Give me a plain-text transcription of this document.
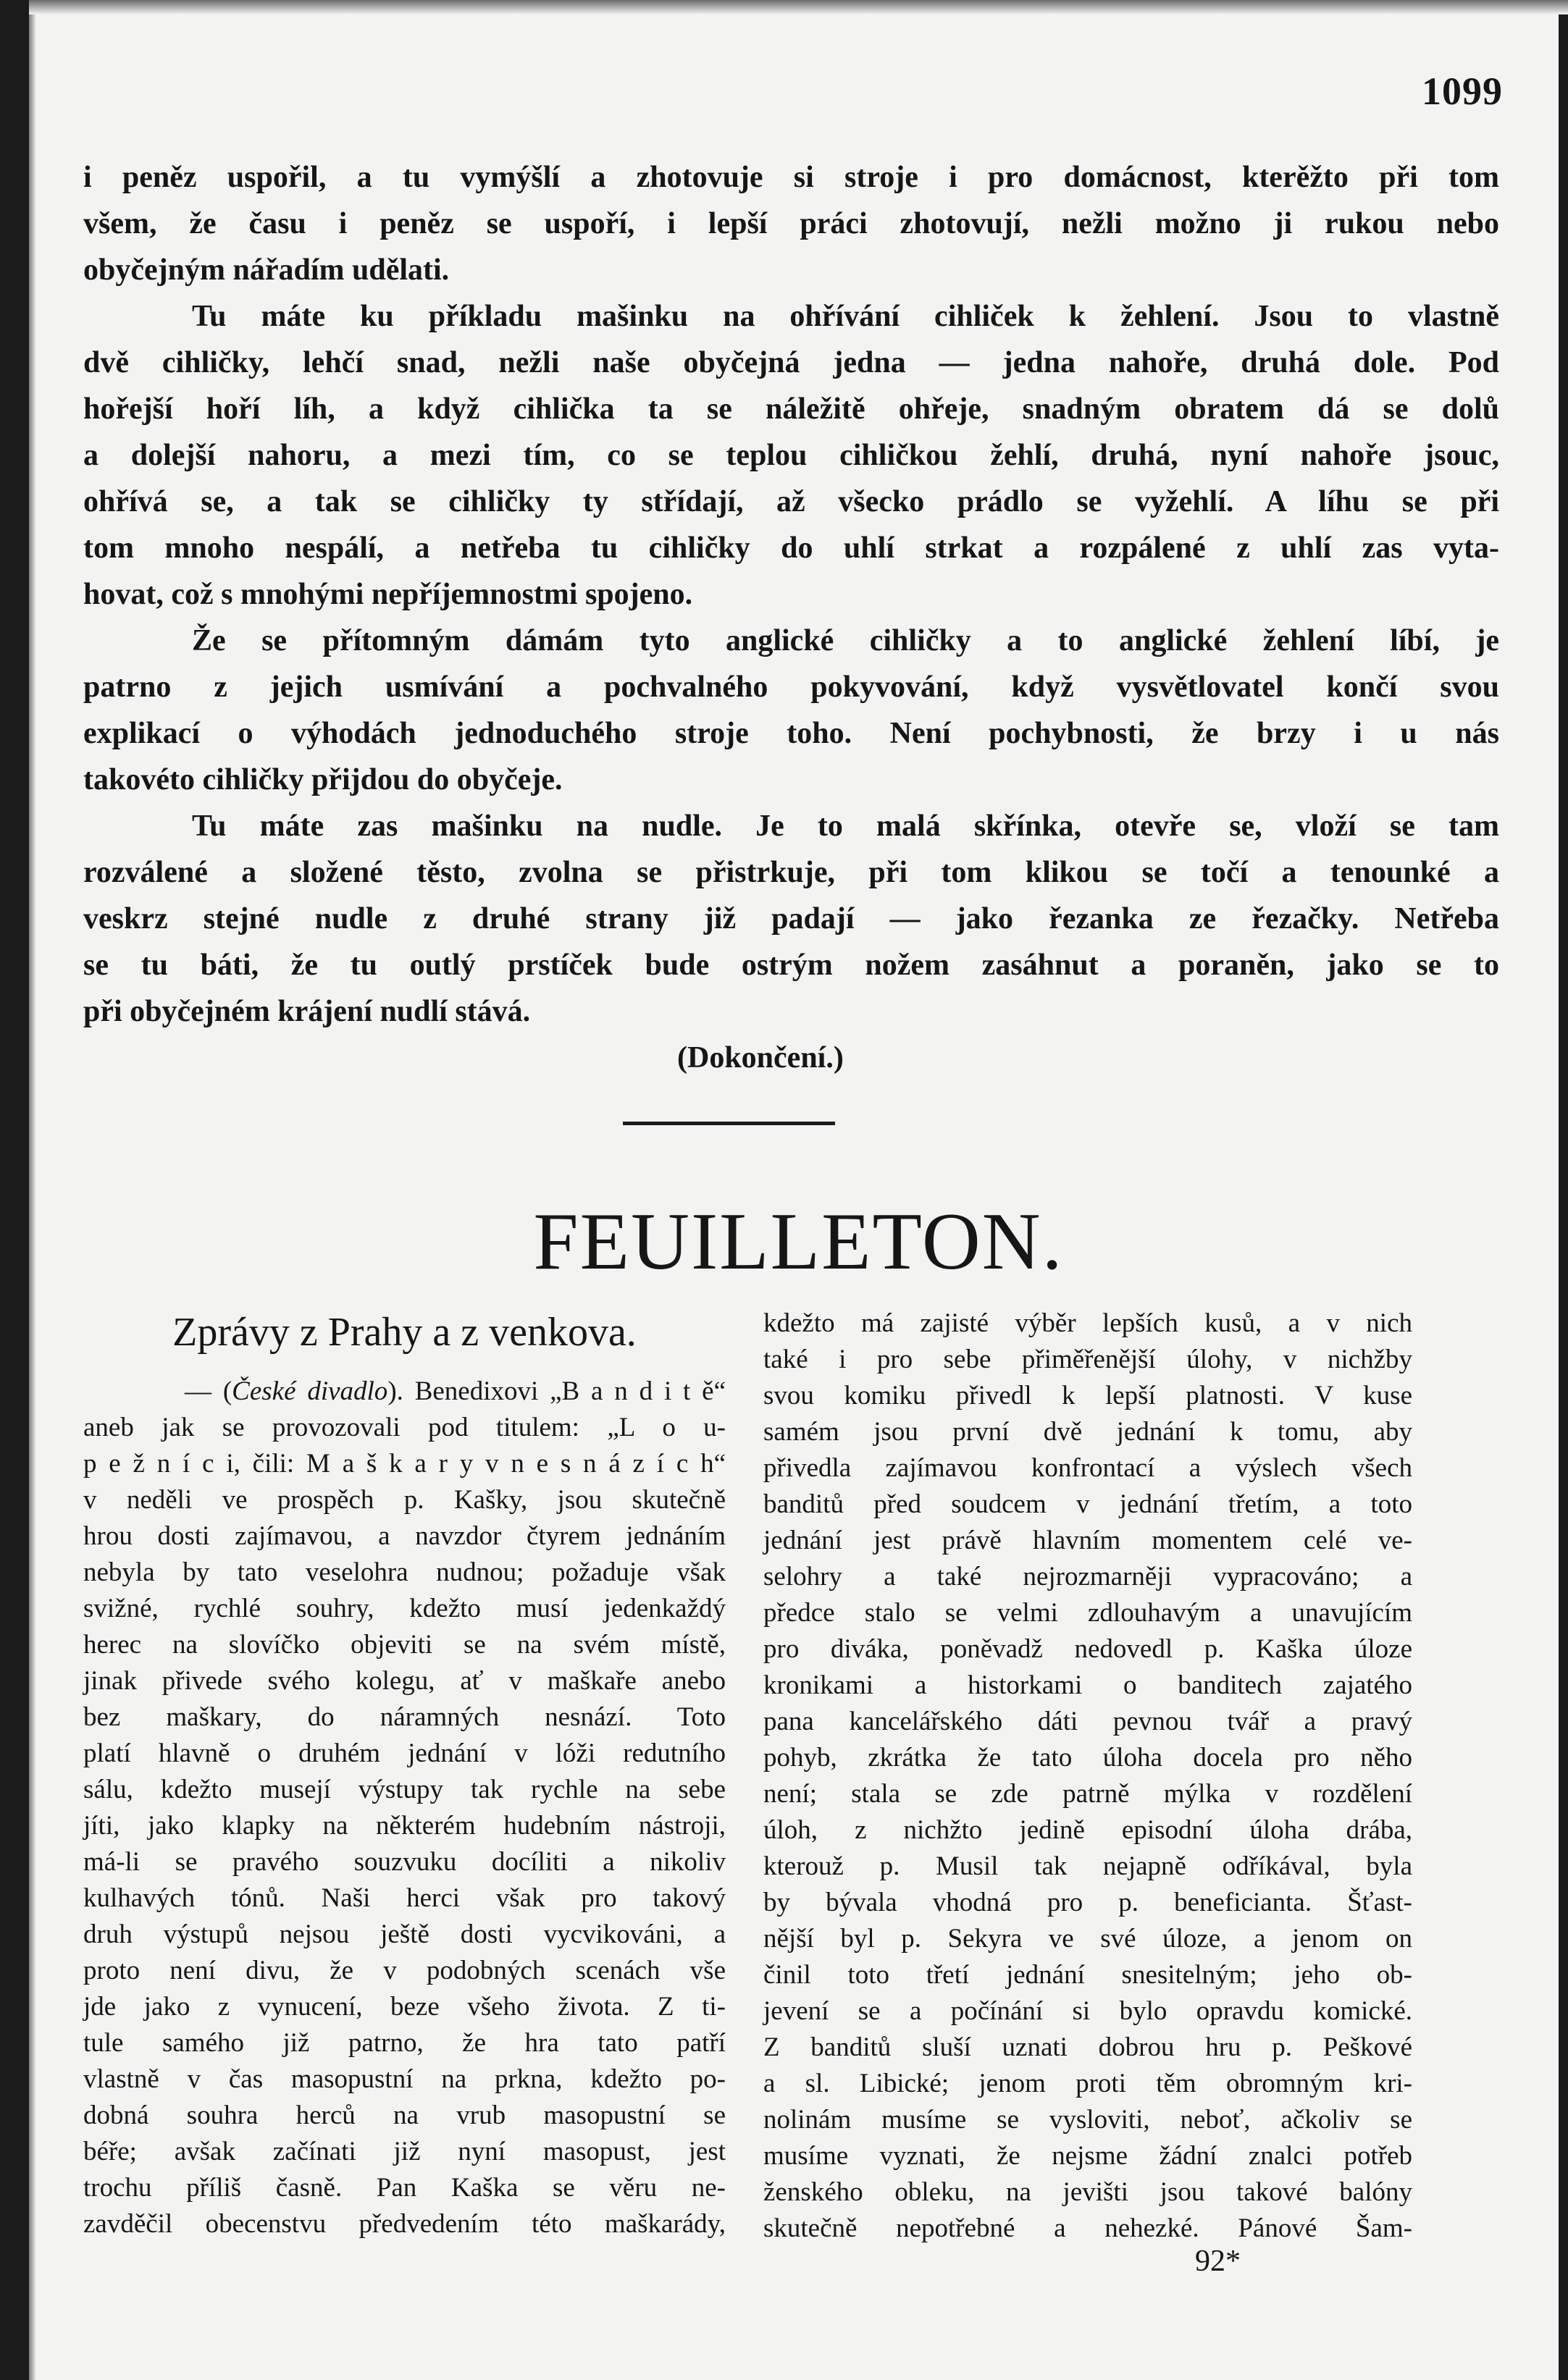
1099
i peněz uspořil, a tu vymýšlí a zhotovuje si stroje i pro domácnost, kterěžto při tom
všem, že času i peněz se uspoří, i lepší práci zhotovují, nežli možno ji rukou nebo
obyčejným nářadím udělati.
Tu máte ku příkladu mašinku na ohřívání cihliček k žehlení. Jsou to vlastně
dvě cihličky, lehčí snad, nežli naše obyčejná jedna — jedna nahoře, druhá dole. Pod
hořejší hoří líh, a když cihlička ta se náležitě ohřeje, snadným obratem dá se dolů
a dolejší nahoru, a mezi tím, co se teplou cihličkou žehlí, druhá, nyní nahoře jsouc,
ohřívá se, a tak se cihličky ty střídají, až všecko prádlo se vyžehlí. A líhu se při
tom mnoho nespálí, a netřeba tu cihličky do uhlí strkat a rozpálené z uhlí zas vyta-
hovat, což s mnohými nepříjemnostmi spojeno.
Že se přítomným dámám tyto anglické cihličky a to anglické žehlení líbí, je
patrno z jejich usmívání a pochvalného pokyvování, když vysvětlovatel končí svou
explikací o výhodách jednoduchého stroje toho. Není pochybnosti, že brzy i u nás
takovéto cihličky přijdou do obyčeje.
Tu máte zas mašinku na nudle. Je to malá skřínka, otevře se, vloží se tam
rozválené a složené těsto, zvolna se přistrkuje, při tom klikou se točí a tenounké a
veskrz stejné nudle z druhé strany již padají — jako řezanka ze řezačky. Netřeba
se tu báti, že tu outlý prstíček bude ostrým nožem zasáhnut a poraněn, jako se to
při obyčejném krájení nudlí stává.
(Dokončení.)
FEUILLETON.
Zprávy z Prahy a z venkova.
— (České divadlo). Benedixovi „B a n d i t ě“
aneb jak se provozovali pod titulem: „L o u-
p e ž n í c i, čili: M a š k a r y v n e s n á z í c h“
v neděli ve prospěch p. Kašky, jsou skutečně
hrou dosti zajímavou, a navzdor čtyrem jednáním
nebyla by tato veselohra nudnou; požaduje však
svižné, rychlé souhry, kdežto musí jedenkaždý
herec na slovíčko objeviti se na svém místě,
jinak přivede svého kolegu, ať v maškaře anebo
bez maškary, do náramných nesnází. Toto
platí hlavně o druhém jednání v lóži redutního
sálu, kdežto musejí výstupy tak rychle na sebe
jíti, jako klapky na některém hudebním nástroji,
má-li se pravého souzvuku docíliti a nikoliv
kulhavých tónů. Naši herci však pro takový
druh výstupů nejsou ještě dosti vycvikováni, a
proto není divu, že v podobných scenách vše
jde jako z vynucení, beze všeho života. Z ti-
tule samého již patrno, že hra tato patří
vlastně v čas masopustní na prkna, kdežto po-
dobná souhra herců na vrub masopustní se
béře; avšak začínati již nyní masopust, jest
trochu příliš časně. Pan Kaška se věru ne-
zavděčil obecenstvu předvedením této maškarády,
kdežto má zajisté výběr lepších kusů, a v nich
také i pro sebe přiměřenější úlohy, v nichžby
svou komiku přivedl k lepší platnosti. V kuse
samém jsou první dvě jednání k tomu, aby
přivedla zajímavou konfrontací a výslech všech
banditů před soudcem v jednání třetím, a toto
jednání jest právě hlavním momentem celé ve-
selohry a také nejrozmarněji vypracováno; a
předce stalo se velmi zdlouhavým a unavujícím
pro diváka, poněvadž nedovedl p. Kaška úloze
kronikami a historkami o banditech zajatého
pana kancelářského dáti pevnou tvář a pravý
pohyb, zkrátka že tato úloha docela pro něho
není; stala se zde patrně mýlka v rozdělení
úloh, z nichžto jedině episodní úloha drába,
kterouž p. Musil tak nejapně odříkával, byla
by bývala vhodná pro p. beneficianta. Šťast-
nější byl p. Sekyra ve své úloze, a jenom on
činil toto třetí jednání snesitelným; jeho ob-
jevení se a počínání si bylo opravdu komické.
Z banditů sluší uznati dobrou hru p. Peškové
a sl. Libické; jenom proti těm obromným kri-
nolinám musíme se vysloviti, neboť, ačkoliv se
musíme vyznati, že nejsme žádní znalci potřeb
ženského obleku, na jevišti jsou takové balóny
skutečně nepotřebné a nehezké. Pánové Šam-
92*
